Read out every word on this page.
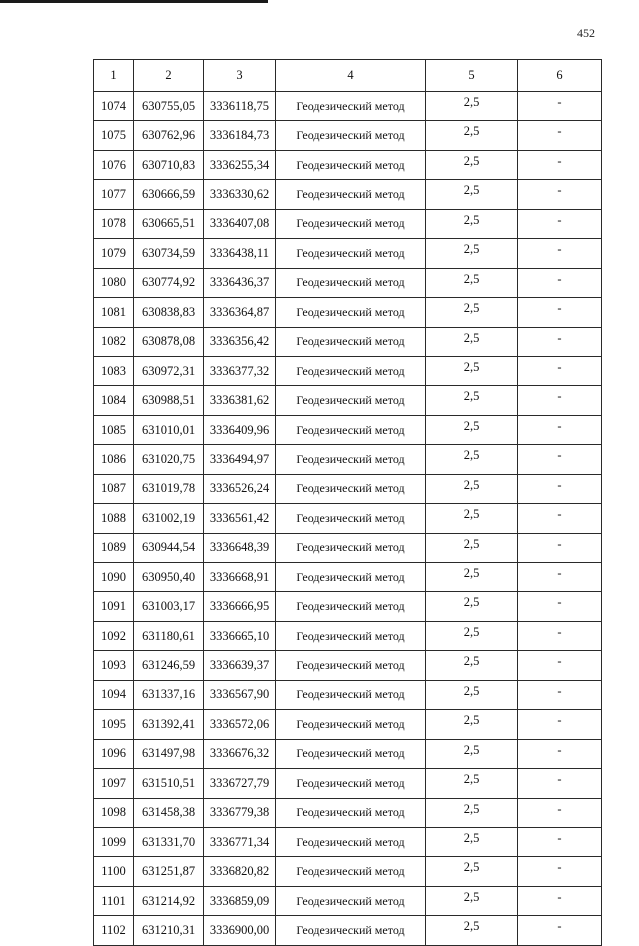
452
1	2	3	4	5	6
1074	630755,05	3336118,75	Геодезический метод	2,5	-
1075	630762,96	3336184,73	Геодезический метод	2,5	-
1076	630710,83	3336255,34	Геодезический метод	2,5	-
1077	630666,59	3336330,62	Геодезический метод	2,5	-
1078	630665,51	3336407,08	Геодезический метод	2,5	-
1079	630734,59	3336438,11	Геодезический метод	2,5	-
1080	630774,92	3336436,37	Геодезический метод	2,5	-
1081	630838,83	3336364,87	Геодезический метод	2,5	-
1082	630878,08	3336356,42	Геодезический метод	2,5	-
1083	630972,31	3336377,32	Геодезический метод	2,5	-
1084	630988,51	3336381,62	Геодезический метод	2,5	-
1085	631010,01	3336409,96	Геодезический метод	2,5	-
1086	631020,75	3336494,97	Геодезический метод	2,5	-
1087	631019,78	3336526,24	Геодезический метод	2,5	-
1088	631002,19	3336561,42	Геодезический метод	2,5	-
1089	630944,54	3336648,39	Геодезический метод	2,5	-
1090	630950,40	3336668,91	Геодезический метод	2,5	-
1091	631003,17	3336666,95	Геодезический метод	2,5	-
1092	631180,61	3336665,10	Геодезический метод	2,5	-
1093	631246,59	3336639,37	Геодезический метод	2,5	-
1094	631337,16	3336567,90	Геодезический метод	2,5	-
1095	631392,41	3336572,06	Геодезический метод	2,5	-
1096	631497,98	3336676,32	Геодезический метод	2,5	-
1097	631510,51	3336727,79	Геодезический метод	2,5	-
1098	631458,38	3336779,38	Геодезический метод	2,5	-
1099	631331,70	3336771,34	Геодезический метод	2,5	-
1100	631251,87	3336820,82	Геодезический метод	2,5	-
1101	631214,92	3336859,09	Геодезический метод	2,5	-
1102	631210,31	3336900,00	Геодезический метод	2,5	-
